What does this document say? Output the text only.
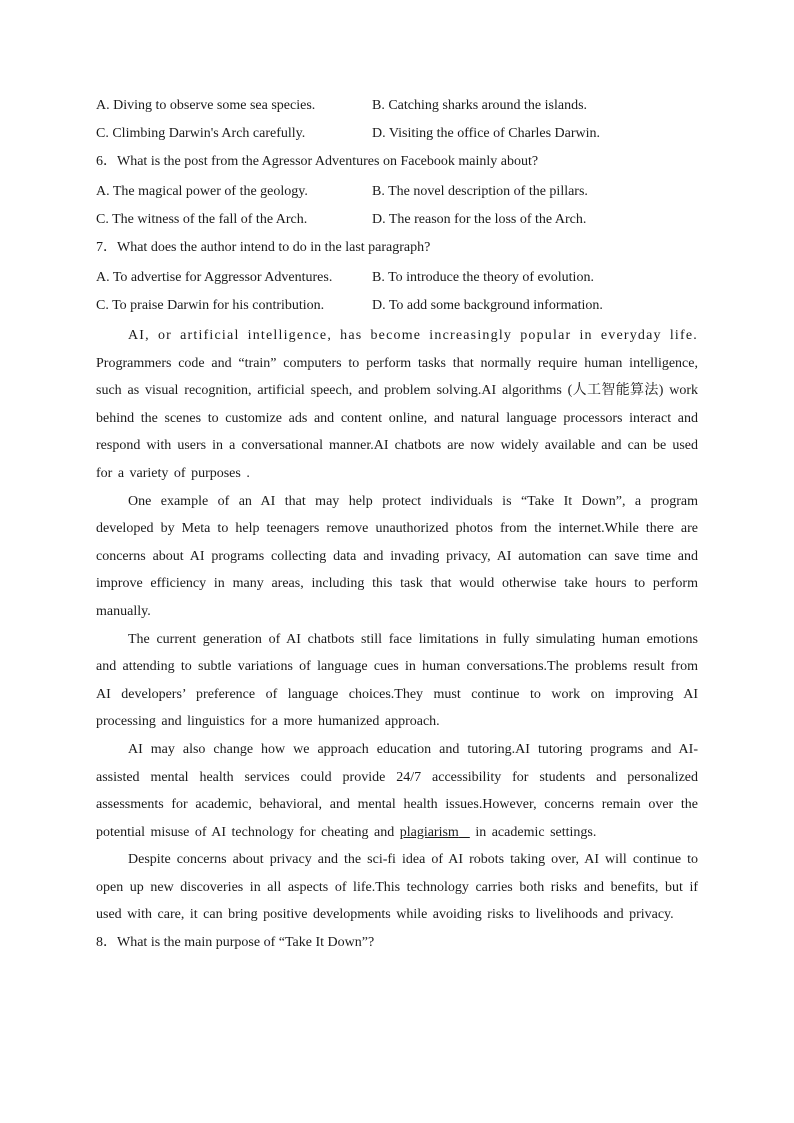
A. Diving to observe some sea species.	B. Catching sharks around the islands.
C. Climbing Darwin's Arch carefully.	D. Visiting the office of Charles Darwin.
6．What is the post from the Agressor Adventures on Facebook mainly about?
A. The magical power of the geology.	B. The novel description of the pillars.
C. The witness of the fall of the Arch.	D. The reason for the loss of the Arch.
7．What does the author intend to do in the last paragraph?
A. To advertise for Aggressor Adventures.	B. To introduce the theory of evolution.
C. To praise Darwin for his contribution.	D. To add some background information.

AI, or artificial intelligence, has become increasingly popular in everyday life. Programmers code and “train” computers to perform tasks that normally require human intelligence, such as visual recognition, artificial speech, and problem solving.AI algorithms (人工智能算法) work behind the scenes to customize ads and content online, and natural language processors interact and respond with users in a conversational manner.AI chatbots are now widely available and can be used for a variety of purposes .

One example of an AI that may help protect individuals is “Take It Down”, a program developed by Meta to help teenagers remove unauthorized photos from the internet.While there are concerns about AI programs collecting data and invading privacy, AI automation can save time and improve efficiency in many areas, including this task that would otherwise take hours to perform manually.

The current generation of AI chatbots still face limitations in fully simulating human emotions and attending to subtle variations of language cues in human conversations.The problems result from AI developers’ preference of language choices.They must continue to work on improving AI processing and linguistics for a more humanized approach.

AI may also change how we approach education and tutoring.AI tutoring programs and AI-assisted mental health services could provide 24/7 accessibility for students and personalized assessments for academic, behavioral, and mental health issues.However, concerns remain over the potential misuse of AI technology for cheating and plagiarism in academic settings.

Despite concerns about privacy and the sci-fi idea of AI robots taking over, AI will continue to open up new discoveries in all aspects of life.This technology carries both risks and benefits, but if used with care, it can bring positive developments while avoiding risks to livelihoods and privacy.

8．What is the main purpose of “Take It Down”?
